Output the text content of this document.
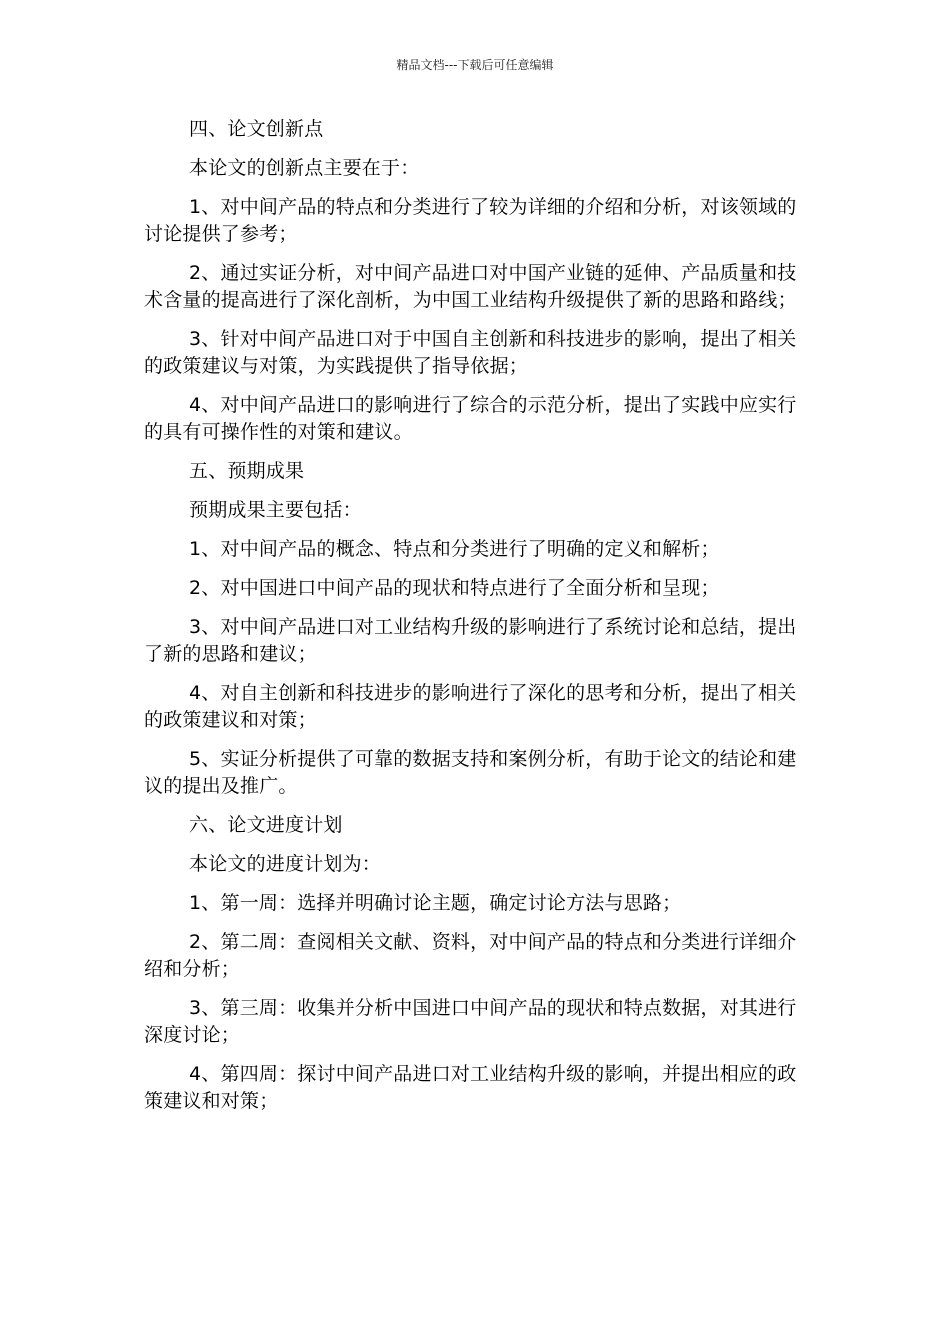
精品文档---下载后可任意编辑

四、论文创新点

本论文的创新点主要在于：

1、对中间产品的特点和分类进行了较为详细的介绍和分析，对该领域的讨论提供了参考；

2、通过实证分析，对中间产品进口对中国产业链的延伸、产品质量和技术含量的提高进行了深化剖析，为中国工业结构升级提供了新的思路和路线；

3、针对中间产品进口对于中国自主创新和科技进步的影响，提出了相关的政策建议与对策，为实践提供了指导依据；

4、对中间产品进口的影响进行了综合的示范分析，提出了实践中应实行的具有可操作性的对策和建议。

五、预期成果

预期成果主要包括：

1、对中间产品的概念、特点和分类进行了明确的定义和解析；

2、对中国进口中间产品的现状和特点进行了全面分析和呈现；

3、对中间产品进口对工业结构升级的影响进行了系统讨论和总结，提出了新的思路和建议；

4、对自主创新和科技进步的影响进行了深化的思考和分析，提出了相关的政策建议和对策；

5、实证分析提供了可靠的数据支持和案例分析，有助于论文的结论和建议的提出及推广。

六、论文进度计划

本论文的进度计划为：

1、第一周：选择并明确讨论主题，确定讨论方法与思路；

2、第二周：查阅相关文献、资料，对中间产品的特点和分类进行详细介绍和分析；

3、第三周：收集并分析中国进口中间产品的现状和特点数据，对其进行深度讨论；

4、第四周：探讨中间产品进口对工业结构升级的影响，并提出相应的政策建议和对策；
